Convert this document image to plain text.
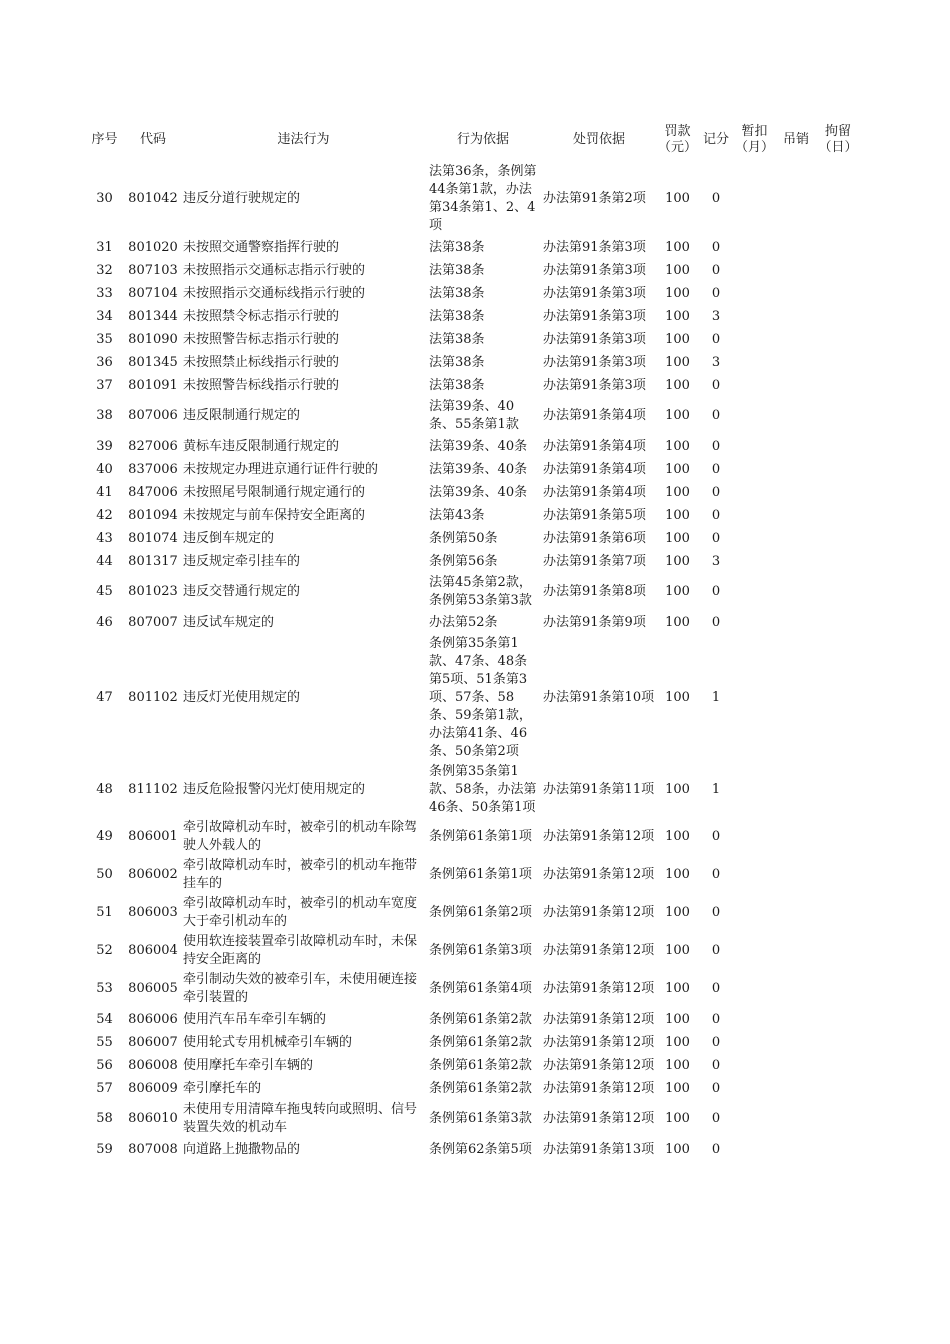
序号	代码	违法行为	行为依据	处罚依据	罚款（元）	记分	暂扣（月）	吊销	拘留（日）
30	801042	违反分道行驶规定的	法第36条，条例第44条第1款，办法第34条第1、2、4项	办法第91条第2项	100	0			
31	801020	未按照交通警察指挥行驶的	法第38条	办法第91条第3项	100	0			
32	807103	未按照指示交通标志指示行驶的	法第38条	办法第91条第3项	100	0			
33	807104	未按照指示交通标线指示行驶的	法第38条	办法第91条第3项	100	0			
34	801344	未按照禁令标志指示行驶的	法第38条	办法第91条第3项	100	3			
35	801090	未按照警告标志指示行驶的	法第38条	办法第91条第3项	100	0			
36	801345	未按照禁止标线指示行驶的	法第38条	办法第91条第3项	100	3			
37	801091	未按照警告标线指示行驶的	法第38条	办法第91条第3项	100	0			
38	807006	违反限制通行规定的	法第39条、40条、55条第1款	办法第91条第4项	100	0			
39	827006	黄标车违反限制通行规定的	法第39条、40条	办法第91条第4项	100	0			
40	837006	未按规定办理进京通行证件行驶的	法第39条、40条	办法第91条第4项	100	0			
41	847006	未按照尾号限制通行规定通行的	法第39条、40条	办法第91条第4项	100	0			
42	801094	未按规定与前车保持安全距离的	法第43条	办法第91条第5项	100	0			
43	801074	违反倒车规定的	条例第50条	办法第91条第6项	100	0			
44	801317	违反规定牵引挂车的	条例第56条	办法第91条第7项	100	3			
45	801023	违反交替通行规定的	法第45条第2款，条例第53条第3款	办法第91条第8项	100	0			
46	807007	违反试车规定的	办法第52条	办法第91条第9项	100	0			
47	801102	违反灯光使用规定的	条例第35条第1款、47条、48条第5项、51条第3项、57条、58条、59条第1款，办法第41条、46条、50条第2项	办法第91条第10项	100	1			
48	811102	违反危险报警闪光灯使用规定的	条例第35条第1款、58条，办法第46条、50条第1项	办法第91条第11项	100	1			
49	806001	牵引故障机动车时，被牵引的机动车除驾驶人外载人的	条例第61条第1项	办法第91条第12项	100	0			
50	806002	牵引故障机动车时，被牵引的机动车拖带挂车的	条例第61条第1项	办法第91条第12项	100	0			
51	806003	牵引故障机动车时，被牵引的机动车宽度大于牵引机动车的	条例第61条第2项	办法第91条第12项	100	0			
52	806004	使用软连接装置牵引故障机动车时，未保持安全距离的	条例第61条第3项	办法第91条第12项	100	0			
53	806005	牵引制动失效的被牵引车，未使用硬连接牵引装置的	条例第61条第4项	办法第91条第12项	100	0			
54	806006	使用汽车吊车牵引车辆的	条例第61条第2款	办法第91条第12项	100	0			
55	806007	使用轮式专用机械牵引车辆的	条例第61条第2款	办法第91条第12项	100	0			
56	806008	使用摩托车牵引车辆的	条例第61条第2款	办法第91条第12项	100	0			
57	806009	牵引摩托车的	条例第61条第2款	办法第91条第12项	100	0			
58	806010	未使用专用清障车拖曳转向或照明、信号装置失效的机动车	条例第61条第3款	办法第91条第12项	100	0			
59	807008	向道路上抛撒物品的	条例第62条第5项	办法第91条第13项	100	0			
